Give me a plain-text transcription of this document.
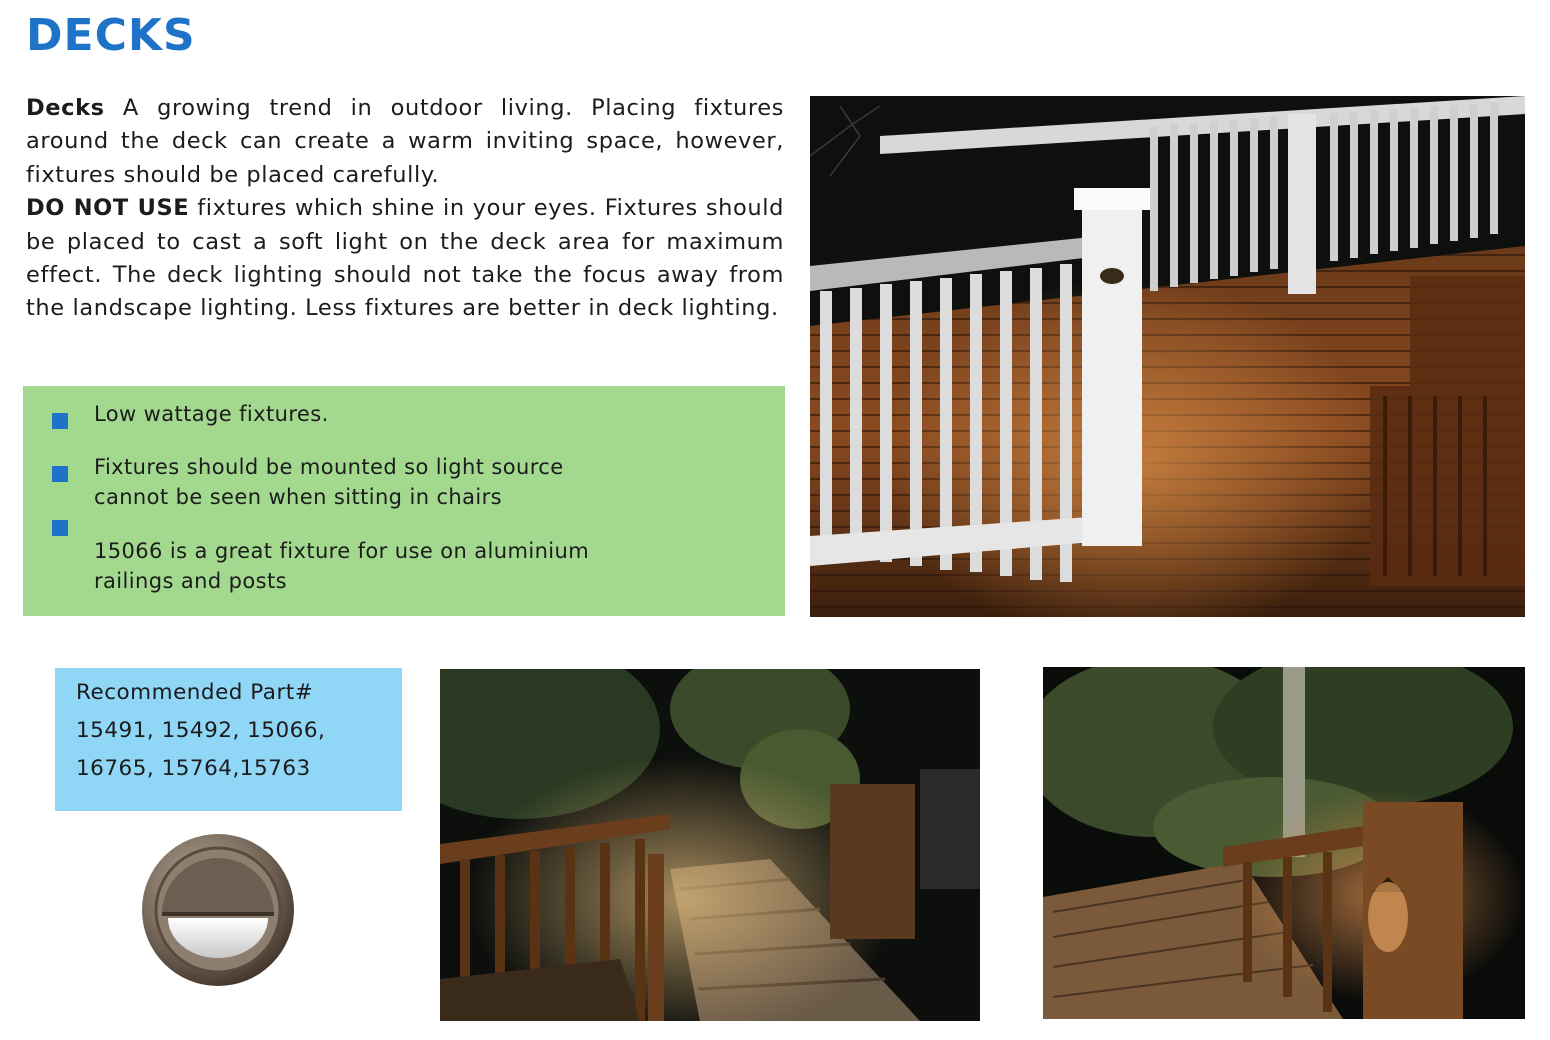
DECKS

Decks A growing trend in outdoor living. Placing fixtures around the deck can create a warm inviting space, however, fixtures should be placed carefully.
DO NOT USE fixtures which shine in your eyes. Fixtures should be placed to cast a soft light on the deck area for maximum effect. The deck lighting should not take the focus away from the landscape lighting. Less fixtures are better in deck lighting.

Low wattage fixtures.
Fixtures should be mounted so light source
cannot be seen when sitting in chairs
15066 is a great fixture for use on aluminium
railings and posts
Recommended Part#
15491, 15492, 15066,
16765, 15764,15763
